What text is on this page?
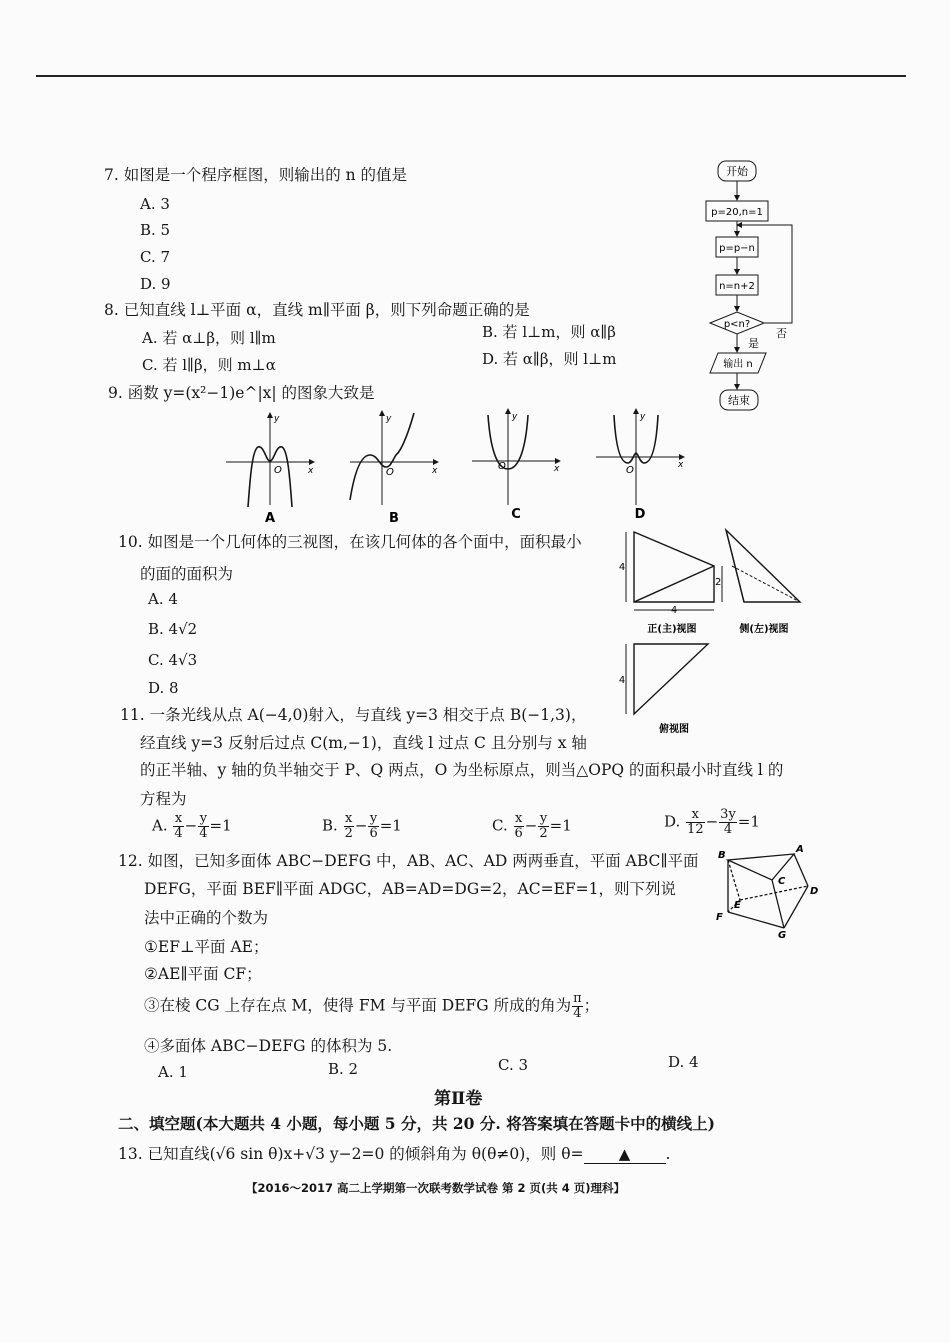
7. 如图是一个程序框图，则输出的 n 的值是
A. 3
B. 5
C. 7
D. 9
开始
p=20,n=1
p=p−n
n=n+2
p<n?
否
是
输出 n
结束
8. 已知直线 l⊥平面 α，直线 m∥平面 β，则下列命题正确的是
A. 若 α⊥β，则 l∥m	B. 若 l⊥m，则 α∥β
C. 若 l∥β，则 m⊥α	D. 若 α∥β，则 l⊥m
9. 函数 y=(x²−1)e^|x| 的图象大致是
y
x
O
A
y
x
O
B
y
x
O
C
y
x
O
D
10. 如图是一个几何体的三视图，在该几何体的各个面中，面积最小
的面的面积为
A. 4
B. 4√2
C. 4√3
D. 8
4
2
4
正(主)视图	侧(左)视图
4
俯视图
11. 一条光线从点 A(−4,0)射入，与直线 y=3 相交于点 B(−1,3)，
经直线 y=3 反射后过点 C(m,−1)，直线 l 过点 C 且分别与 x 轴
的正半轴、y 轴的负半轴交于 P、Q 两点，O 为坐标原点，则当△OPQ 的面积最小时直线 l 的
方程为
A. $\frac{x}{4} - \frac{y}{4} =1$	B. $\frac{x}{2} - \frac{y}{6} =1$	C. $\frac{x}{6} - \frac{y}{2} =1$	D. $\frac{x}{12} - \frac{3y}{4} =1$
12. 如图，已知多面体 ABC−DEFG 中，AB、AC、AD 两两垂直，平面 ABC∥平面
DEFG，平面 BEF∥平面 ADGC，AB=AD=DG=2，AC=EF=1，则下列说
法中正确的个数为
①EF⊥平面 AE；
②AE∥平面 CF；
③在棱 CG 上存在点 M，使得 FM 与平面 DEFG 所成的角为 $\frac{\pi}{4}$ ；
④多面体 ABC−DEFG 的体积为 5.
A. 1	B. 2	C. 3	D. 4
B
A
C
D
E
F
G
第Ⅱ卷
二、填空题(本大题共 4 小题，每小题 5 分，共 20 分. 将答案填在答题卡中的横线上)
13. 已知直线(√6 sin θ)x+√3 y−2=0 的倾斜角为 θ(θ≠0)，则 θ= ▲ .
【2016～2017 高二上学期第一次联考数学试卷 第 2 页(共 4 页)理科】
